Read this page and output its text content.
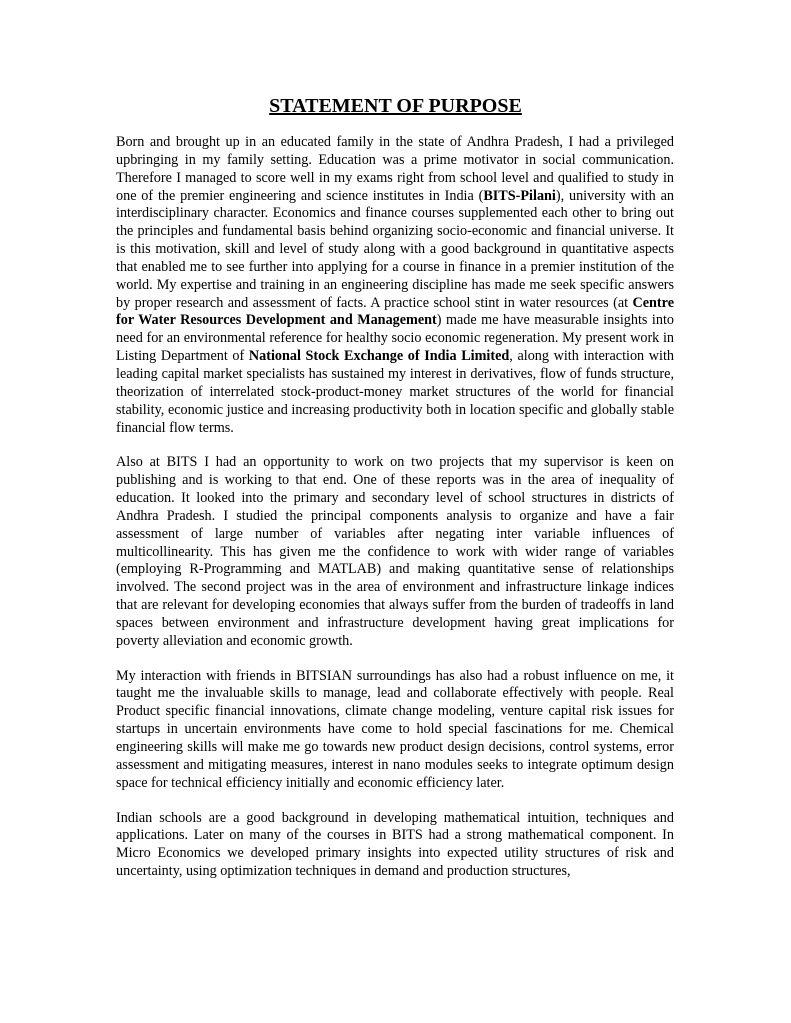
STATEMENT OF PURPOSE

Born and brought up in an educated family in the state of Andhra Pradesh, I had a privileged upbringing in my family setting. Education was a prime motivator in social communication. Therefore I managed to score well in my exams right from school level and qualified to study in one of the premier engineering and science institutes in India (BITS-Pilani), university with an interdisciplinary character. Economics and finance courses supplemented each other to bring out the principles and fundamental basis behind organizing socio-economic and financial universe. It is this motivation, skill and level of study along with a good background in quantitative aspects that enabled me to see further into applying for a course in finance in a premier institution of the world. My expertise and training in an engineering discipline has made me seek specific answers by proper research and assessment of facts. A practice school stint in water resources (at Centre for Water Resources Development and Management) made me have measurable insights into need for an environmental reference for healthy socio economic regeneration. My present work in Listing Department of National Stock Exchange of India Limited, along with interaction with leading capital market specialists has sustained my interest in derivatives, flow of funds structure, theorization of interrelated stock-product-money market structures of the world for financial stability, economic justice and increasing productivity both in location specific and globally stable financial flow terms.

Also at BITS I had an opportunity to work on two projects that my supervisor is keen on publishing and is working to that end. One of these reports was in the area of inequality of education. It looked into the primary and secondary level of school structures in districts of Andhra Pradesh. I studied the principal components analysis to organize and have a fair assessment of large number of variables after negating inter variable influences of multicollinearity. This has given me the confidence to work with wider range of variables (employing R-Programming and MATLAB) and making quantitative sense of relationships involved. The second project was in the area of environment and infrastructure linkage indices that are relevant for developing economies that always suffer from the burden of tradeoffs in land spaces between environment and infrastructure development having great implications for poverty alleviation and economic growth.

My interaction with friends in BITSIAN surroundings has also had a robust influence on me, it taught me the invaluable skills to manage, lead and collaborate effectively with people. Real Product specific financial innovations, climate change modeling, venture capital risk issues for startups in uncertain environments have come to hold special fascinations for me. Chemical engineering skills will make me go towards new product design decisions, control systems, error assessment and mitigating measures, interest in nano modules seeks to integrate optimum design space for technical efficiency initially and economic efficiency later.

Indian schools are a good background in developing mathematical intuition, techniques and applications. Later on many of the courses in BITS had a strong mathematical component. In Micro Economics we developed primary insights into expected utility structures of risk and uncertainty, using optimization techniques in demand and production structures,
